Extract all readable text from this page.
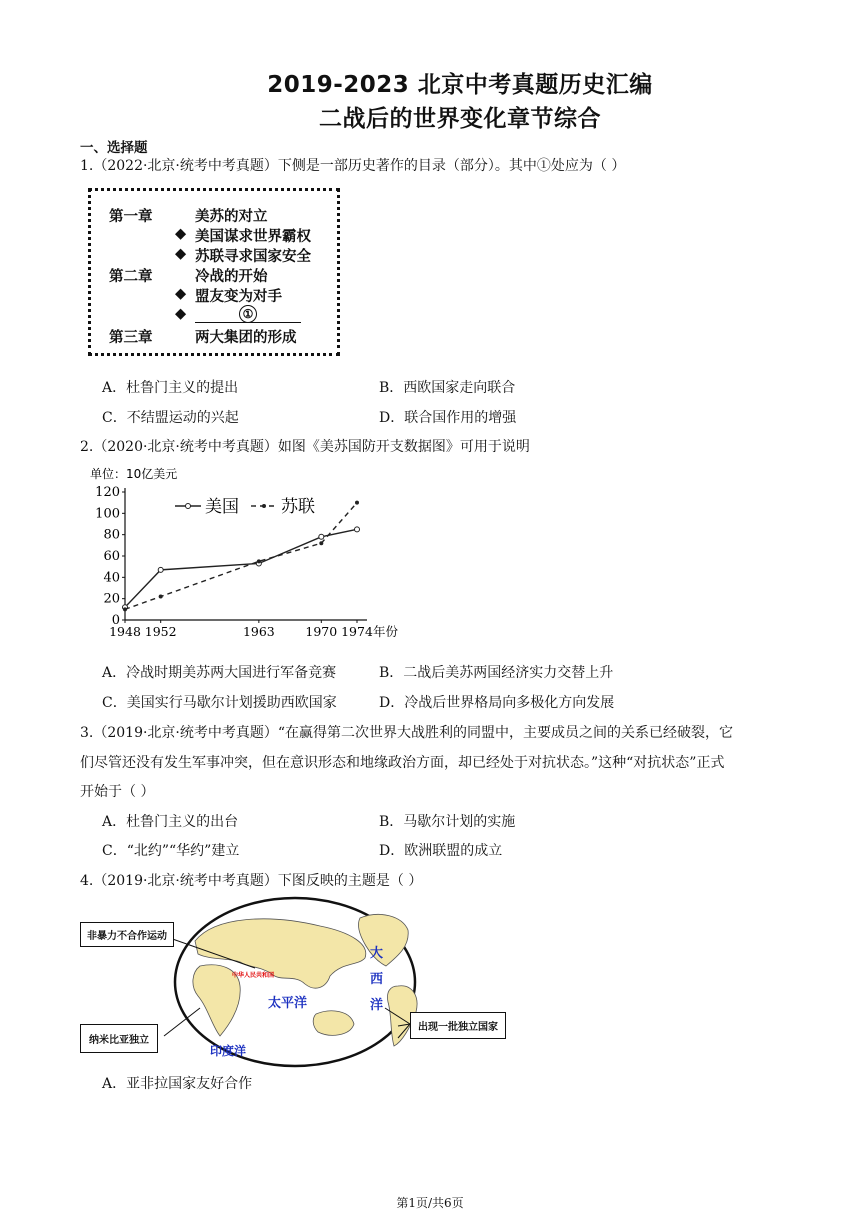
2019-2023 北京中考真题历史汇编
二战后的世界变化章节综合
一、选择题
1.（2022·北京·统考中考真题）下侧是一部历史著作的目录（部分）。其中①处应为（ ）
第一章	美苏的对立
◆ 美国谋求世界霸权
◆ 苏联寻求国家安全
第二章	冷战的开始
◆ 盟友变为对手
◆	①
第三章	两大集团的形成
A．杜鲁门主义的提出	B．西欧国家走向联合
C．不结盟运动的兴起	D．联合国作用的增强
2.（2020·北京·统考中考真题）如图《美苏国防开支数据图》可用于说明
单位：10亿美元
0
20
40
60
80
100
120
1948 1952	1963 1970 1974 年份
美国 苏联
A．冷战时期美苏两大国进行军备竞赛	B．二战后美苏两国经济实力交替上升
C．美国实行马歇尔计划援助西欧国家	D．冷战后世界格局向多极化方向发展
3.（2019·北京·统考中考真题）“在赢得第二次世界大战胜利的同盟中，主要成员之间的关系已经破裂，它
们尽管还没有发生军事冲突，但在意识形态和地缘政治方面，却已经处于对抗状态。”这种“对抗状态”正式
开始于（ ）
A．杜鲁门主义的出台	B．马歇尔计划的实施
C．“北约”“华约”建立	D．欧洲联盟的成立
4.（2019·北京·统考中考真题）下图反映的主题是（ ）
非暴力不合作运动
纳米比亚独立
出现一批独立国家
中华人民共和国
太平洋
印度洋
大
西
洋
A．亚非拉国家友好合作
第1页/共6页
